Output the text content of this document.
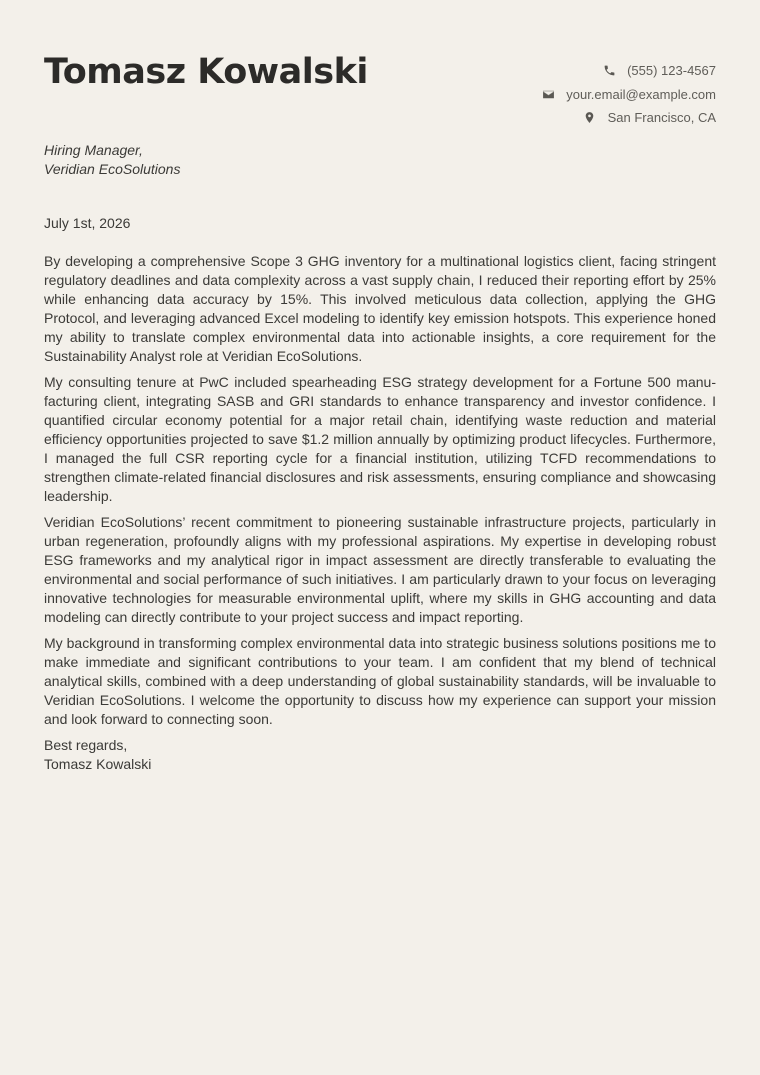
Tomasz Kowalski	(555) 123-4567
your.email@example.com
San Francisco, CA
Hiring Manager,
Veridian EcoSolutions
July 1st, 2026

By developing a comprehensive Scope 3 GHG inventory for a multinational logistics client, facing stringent regulatory deadlines and data complexity across a vast supply chain, I reduced their reporting effort by 25% while enhancing data accuracy by 15%. This involved meticulous data collection, applying the GHG Protocol, and leveraging advanced Excel modeling to identify key emission hotspots. This experience honed my ability to translate complex environmental data into actionable insights, a core requirement for the Sustainability Analyst role at Veridian EcoSolutions.

My consulting tenure at PwC included spearheading ESG strategy development for a Fortune 500 manufacturing client, integrating SASB and GRI standards to enhance transparency and investor confidence. I quantified circular economy potential for a major retail chain, identifying waste reduction and material efficiency opportunities projected to save $1.2 million annually by optimizing product lifecycles. Furthermore, I managed the full CSR reporting cycle for a financial institution, utilizing TCFD recommendations to strengthen climate-related financial disclosures and risk assessments, ensuring compliance and showcasing leadership.

Veridian EcoSolutions’ recent commitment to pioneering sustainable infrastructure projects, particularly in urban regeneration, profoundly aligns with my professional aspirations. My expertise in developing robust ESG frameworks and my analytical rigor in impact assessment are directly transferable to evaluating the environmental and social performance of such initiatives. I am particularly drawn to your focus on leveraging innovative technologies for measurable environmental uplift, where my skills in GHG accounting and data modeling can directly contribute to your project success and impact reporting.

My background in transforming complex environmental data into strategic business solutions positions me to make immediate and significant contributions to your team. I am confident that my blend of technical analytical skills, combined with a deep understanding of global sustainability standards, will be invaluable to Veridian EcoSolutions. I welcome the opportunity to discuss how my experience can support your mission and look forward to connecting soon.

Best regards,
Tomasz Kowalski
